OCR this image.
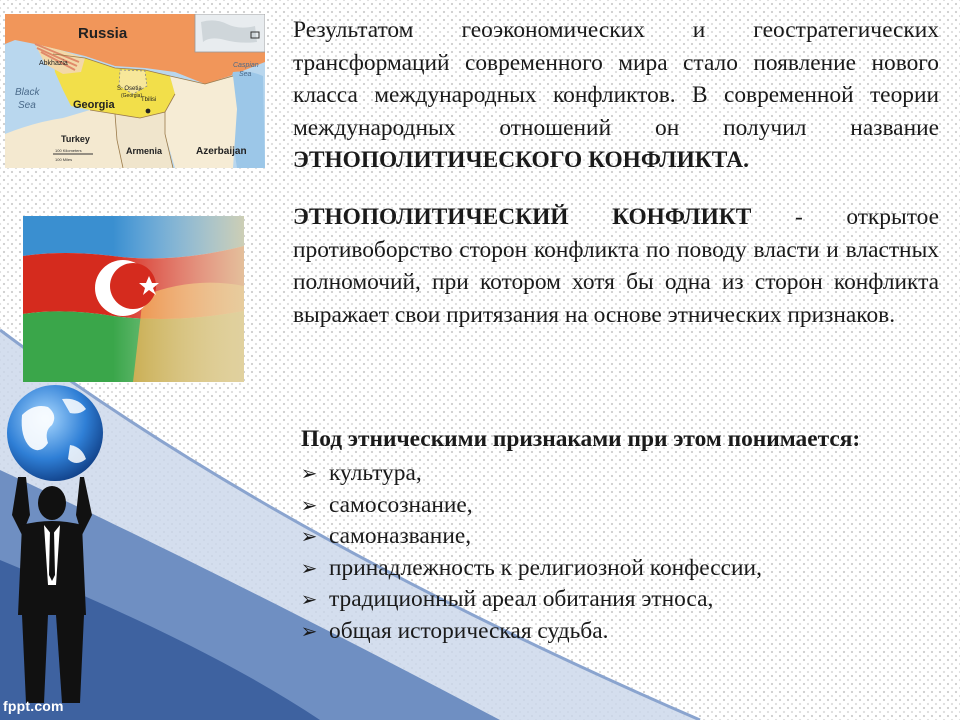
Russia
Abkhazia
Georgia
S. Osetia
(Georgia)
Tbilisi
Black
Sea
Caspian
Sea
Turkey
Armenia	Azerbaijan
100 Kilometers
100 Miles
fppt.com

Результатом геоэкономических и геостратегических трансформаций современного мира стало появление нового класса международных конфликтов. В современной теории международных отношений он получил название ЭТНОПОЛИТИЧЕСКОГО КОНФЛИКТА.

ЭТНОПОЛИТИЧЕСКИЙ КОНФЛИКТ - открытое противоборство сторон конфликта по поводу власти и властных полномочий, при котором хотя бы одна из сторон конфликта выражает свои притязания на основе этнических признаков.

Под этническими признаками при этом понимается:
➢ культура,
➢ самосознание,
➢ самоназвание,
➢ принадлежность к религиозной конфессии,
➢ традиционный ареал обитания этноса,
➢ общая историческая судьба.
